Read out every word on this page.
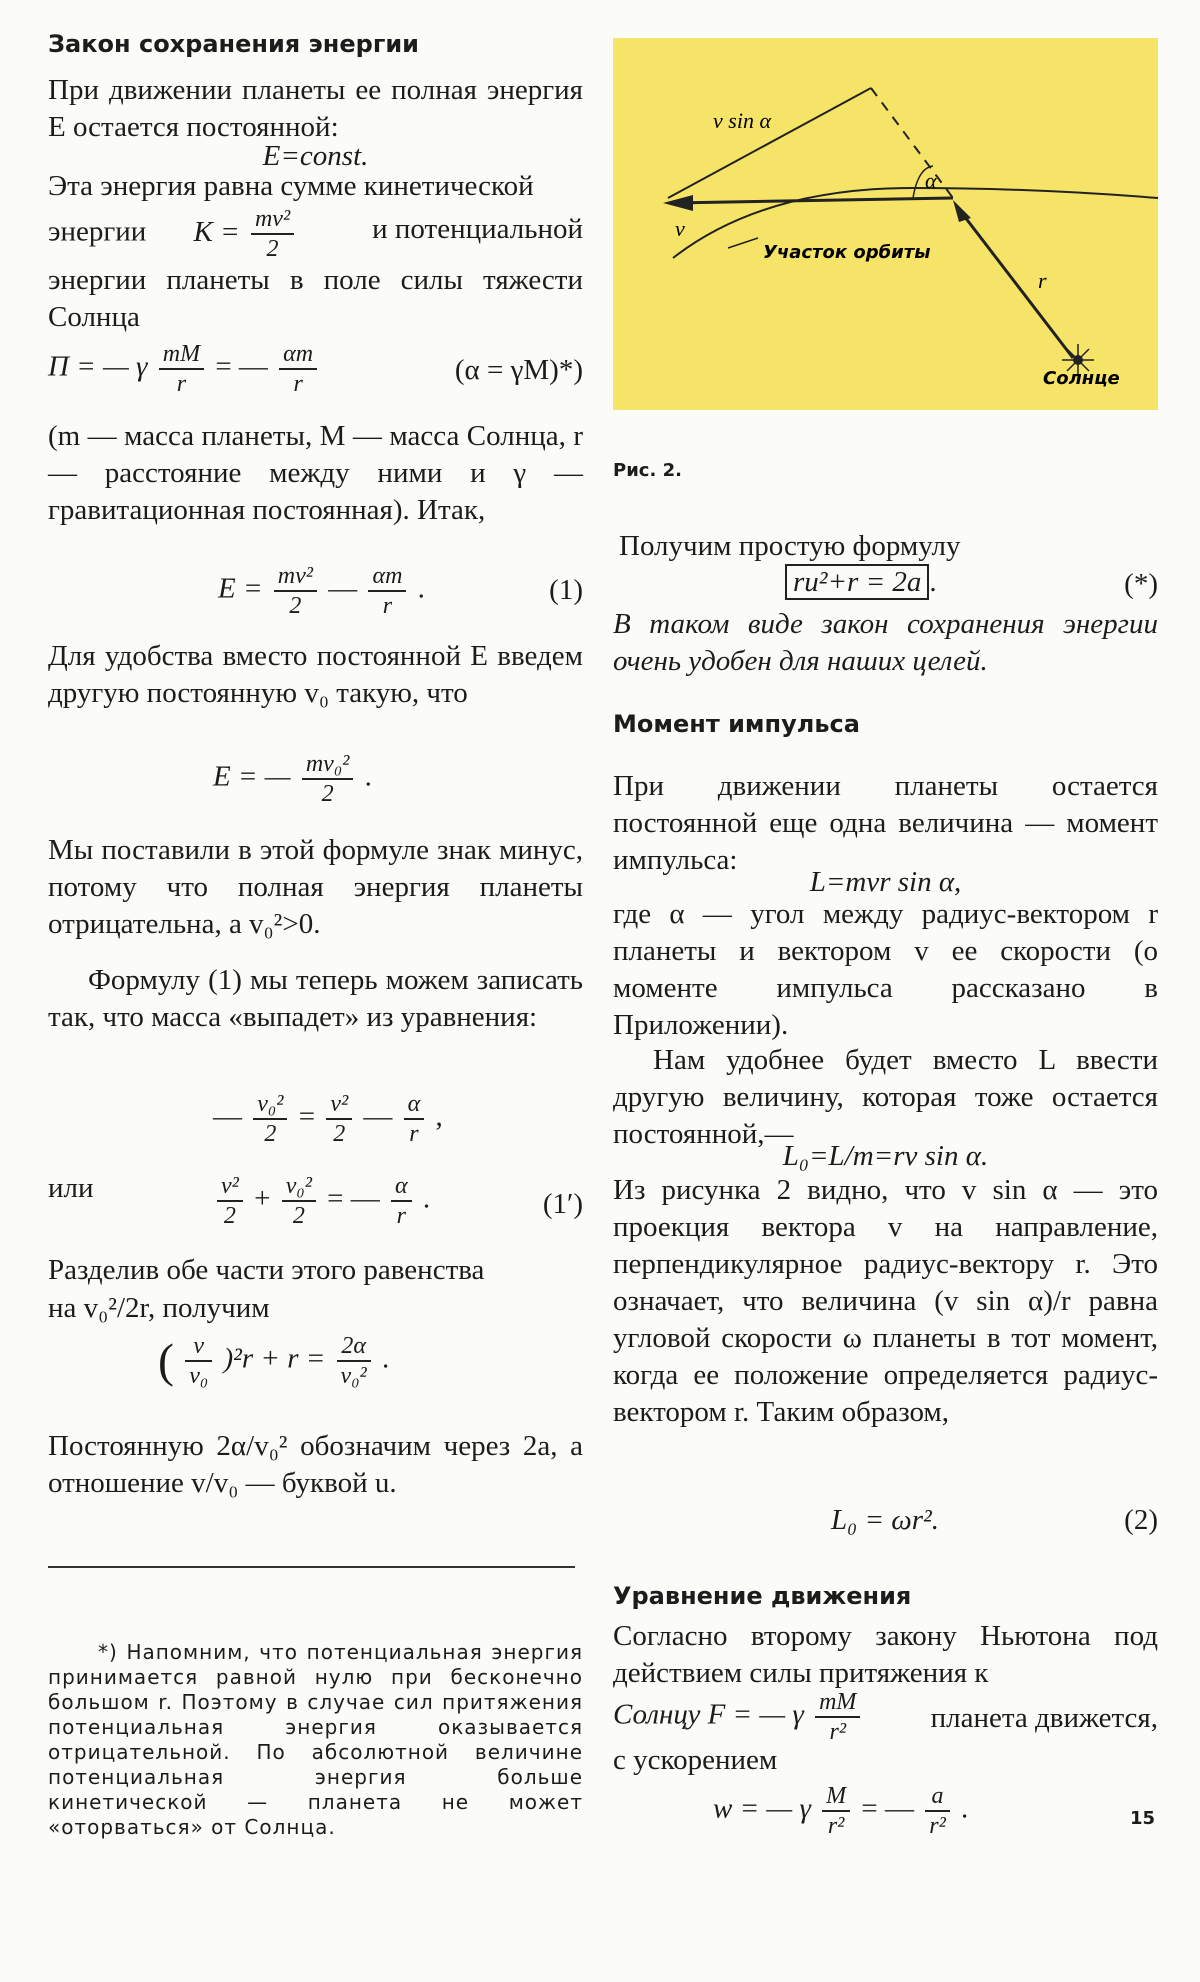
Закон сохранения энергии
При движении планеты ее полная энергия E остается постоянной:
E=const.
Эта энергия равна сумме кинетической
энергии $K = \frac{\text{mv²}}{2}$	и потенциальной
энергии планеты в поле силы тяжести Солнца
П = — γ $\frac{mM}{r}$ = — $\frac{\alpha m}{r}$	(α = γM)*)
(m — масса планеты, M — масса Солнца, r — расстояние между ними и γ — гравитационная постоянная). Итак,
$E = \frac{\text{mv²}}{2}$ — $\frac{\alpha m}{r}$ .	(1)
Для удобства вместо постоянной E введем другую постоянную v₀ такую, что
E = — $\frac{\text{mv₀²}}{2}$ .
Мы поставили в этой формуле знак минус, потому что полная энергия планеты отрицательна, а v₀²>0.
Формулу (1) мы теперь можем записать так, что масса «выпадет» из уравнения:
— $\frac{\text{v₀²}}{2} = \frac{\text{v²}}{2}$ — $\frac{\alpha}{r}$ ,
или	$\frac{\text{v²}}{2} + \frac{\text{v₀²}}{2}$ = — $\frac{\alpha}{r}$ .	(1′)
Разделив обе части этого равенства
на v₀²/2r, получим
( $\frac{v}{\text{v₀}} )^2r + r = \frac{2\alpha}{\text{v₀²}}$ .
Постоянную 2α/v₀² обозначим через 2a, а отношение v/v₀ — буквой u.
*) Напомним, что потенциальная энергия принимается равной нулю при бесконечно большом r. Поэтому в случае сил притяжения потенциальная энергия оказывается отрицательной. По абсолютной величине потенциальная энергия больше кинетической — планета не может «оторваться» от Солнца.
v sin α
α
v
Участок орбиты
r
Солнце
Рис. 2.
Получим простую формулу
ru²+r = 2a .	(*)
В таком виде закон сохранения энергии очень удобен для наших целей.
Момент импульса
При движении планеты остается постоянной еще одна величина — момент импульса:
L=mvr sin α,
где α — угол между радиус-вектором r планеты и вектором v ее скорости (о моменте импульса рассказано в Приложении).
Нам удобнее будет вместо L ввести другую величину, которая тоже остается постоянной,—
L₀=L/m=rv sin α.
Из рисунка 2 видно, что v sin α — это проекция вектора v на направление, перпендикулярное радиус-вектору r. Это означает, что величина (v sin α)/r равна угловой скорости ω планеты в тот момент, когда ее положение определяется радиус-вектором r. Таким образом,
L₀ = ωr².	(2)
Уравнение движения
Согласно второму закону Ньютона под действием силы притяжения к
Солнцу F = — γ $\frac{mM}{\text{r²}}$ планета движется,
с ускорением
w = — γ $\frac{M}{\text{r²}}$ = — $\frac{a}{\text{r²}}$ .	15
